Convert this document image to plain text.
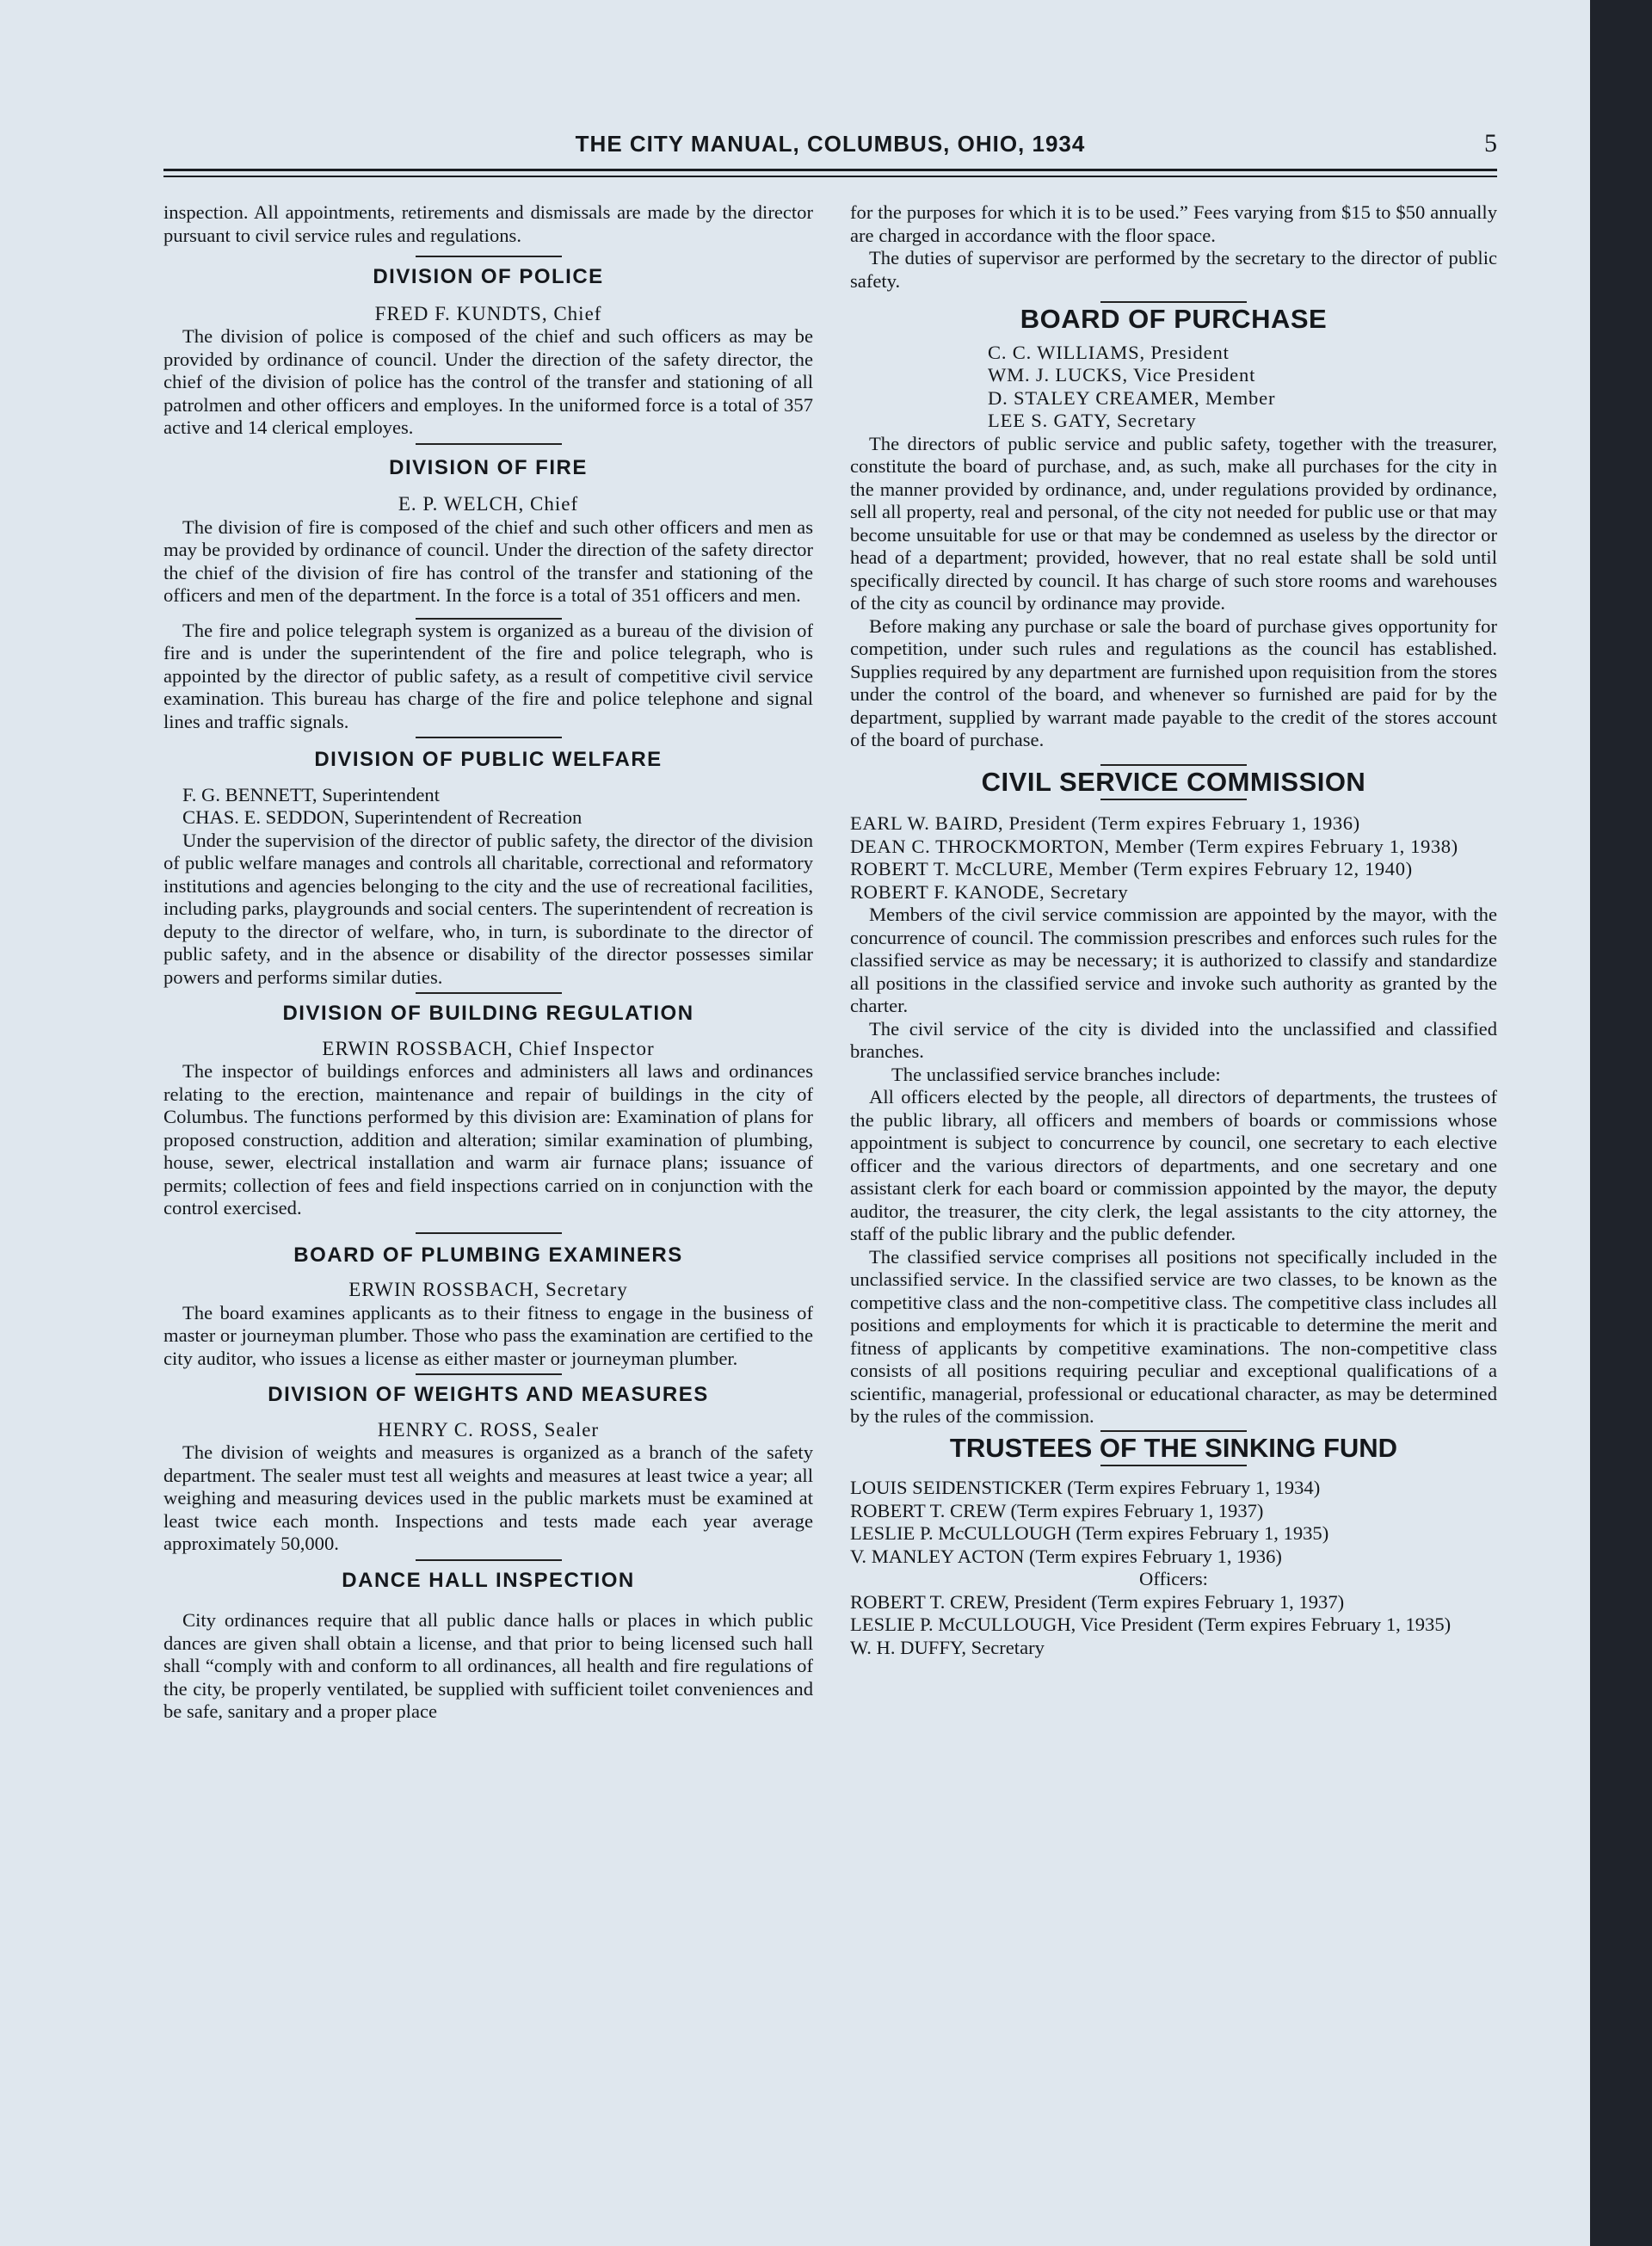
THE CITY MANUAL, COLUMBUS, OHIO, 1934	5

inspection. All appointments, retirements and dismissals are made by the director pursuant to civil service rules and regulations.

DIVISION OF POLICE
FRED F. KUNDTS, Chief

The division of police is composed of the chief and such officers as may be provided by ordinance of council. Under the direction of the safety director, the chief of the division of police has the control of the transfer and stationing of all patrolmen and other officers and employes. In the uniformed force is a total of 357 active and 14 clerical employes.

DIVISION OF FIRE
E. P. WELCH, Chief

The division of fire is composed of the chief and such other officers and men as may be provided by ordinance of council. Under the direction of the safety director the chief of the division of fire has control of the transfer and stationing of the officers and men of the department. In the force is a total of 351 officers and men.

The fire and police telegraph system is organized as a bureau of the division of fire and is under the superintendent of the fire and police telegraph, who is appointed by the director of public safety, as a result of competitive civil service examination. This bureau has charge of the fire and police telephone and signal lines and traffic signals.

DIVISION OF PUBLIC WELFARE
F. G. BENNETT, Superintendent
CHAS. E. SEDDON, Superintendent of Recreation

Under the supervision of the director of public safety, the director of the division of public welfare manages and controls all charitable, correctional and reformatory institutions and agencies belonging to the city and the use of recreational facilities, including parks, playgrounds and social centers. The superintendent of recreation is deputy to the director of welfare, who, in turn, is subordinate to the director of public safety, and in the absence or disability of the director possesses similar powers and performs similar duties.

DIVISION OF BUILDING REGULATION
ERWIN ROSSBACH, Chief Inspector

The inspector of buildings enforces and administers all laws and ordinances relating to the erection, maintenance and repair of buildings in the city of Columbus. The functions performed by this division are: Examination of plans for proposed construction, addition and alteration; similar examination of plumbing, house, sewer, electrical installation and warm air furnace plans; issuance of permits; collection of fees and field inspections carried on in conjunction with the control exercised.

BOARD OF PLUMBING EXAMINERS
ERWIN ROSSBACH, Secretary

The board examines applicants as to their fitness to engage in the business of master or journeyman plumber. Those who pass the examination are certified to the city auditor, who issues a license as either master or journeyman plumber.

DIVISION OF WEIGHTS AND MEASURES
HENRY C. ROSS, Sealer

The division of weights and measures is organized as a branch of the safety department. The sealer must test all weights and measures at least twice a year; all weighing and measuring devices used in the public markets must be examined at least twice each month. Inspections and tests made each year average approximately 50,000.

DANCE HALL INSPECTION

City ordinances require that all public dance halls or places in which public dances are given shall obtain a license, and that prior to being licensed such hall shall “comply with and conform to all ordinances, all health and fire regulations of the city, be properly ventilated, be supplied with sufficient toilet conveniences and be safe, sanitary and a proper place

for the purposes for which it is to be used.” Fees varying from $15 to $50 annually are charged in accordance with the floor space.

The duties of supervisor are performed by the secretary to the director of public safety.

BOARD OF PURCHASE
C. C. WILLIAMS, President
WM. J. LUCKS, Vice President
D. STALEY CREAMER, Member
LEE S. GATY, Secretary

The directors of public service and public safety, together with the treasurer, constitute the board of purchase, and, as such, make all purchases for the city in the manner provided by ordinance, and, under regulations provided by ordinance, sell all property, real and personal, of the city not needed for public use or that may become unsuitable for use or that may be condemned as useless by the director or head of a department; provided, however, that no real estate shall be sold until specifically directed by council. It has charge of such store rooms and warehouses of the city as council by ordinance may provide.

Before making any purchase or sale the board of purchase gives opportunity for competition, under such rules and regulations as the council has established. Supplies required by any department are furnished upon requisition from the stores under the control of the board, and whenever so furnished are paid for by the department, supplied by warrant made payable to the credit of the stores account of the board of purchase.

CIVIL SERVICE COMMISSION
EARL W. BAIRD, President (Term expires February 1, 1936)
DEAN C. THROCKMORTON, Member (Term expires February 1, 1938)
ROBERT T. McCLURE, Member (Term expires February 12, 1940)
ROBERT F. KANODE, Secretary

Members of the civil service commission are appointed by the mayor, with the concurrence of council. The commission prescribes and enforces such rules for the classified service as may be necessary; it is authorized to classify and standardize all positions in the classified service and invoke such authority as granted by the charter.

The civil service of the city is divided into the unclassified and classified branches.

The unclassified service branches include:

All officers elected by the people, all directors of departments, the trustees of the public library, all officers and members of boards or commissions whose appointment is subject to concurrence by council, one secretary to each elective officer and the various directors of departments, and one secretary and one assistant clerk for each board or commission appointed by the mayor, the deputy auditor, the treasurer, the city clerk, the legal assistants to the city attorney, the staff of the public library and the public defender.

The classified service comprises all positions not specifically included in the unclassified service. In the classified service are two classes, to be known as the competitive class and the non-competitive class. The competitive class includes all positions and employments for which it is practicable to determine the merit and fitness of applicants by competitive examinations. The non-competitive class consists of all positions requiring peculiar and exceptional qualifications of a scientific, managerial, professional or educational character, as may be determined by the rules of the commission.

TRUSTEES OF THE SINKING FUND
LOUIS SEIDENSTICKER (Term expires February 1, 1934)
ROBERT T. CREW (Term expires February 1, 1937)
LESLIE P. McCULLOUGH (Term expires February 1, 1935)
V. MANLEY ACTON (Term expires February 1, 1936)
Officers:
ROBERT T. CREW, President (Term expires February 1, 1937)
LESLIE P. McCULLOUGH, Vice President (Term expires February 1, 1935)
W. H. DUFFY, Secretary
